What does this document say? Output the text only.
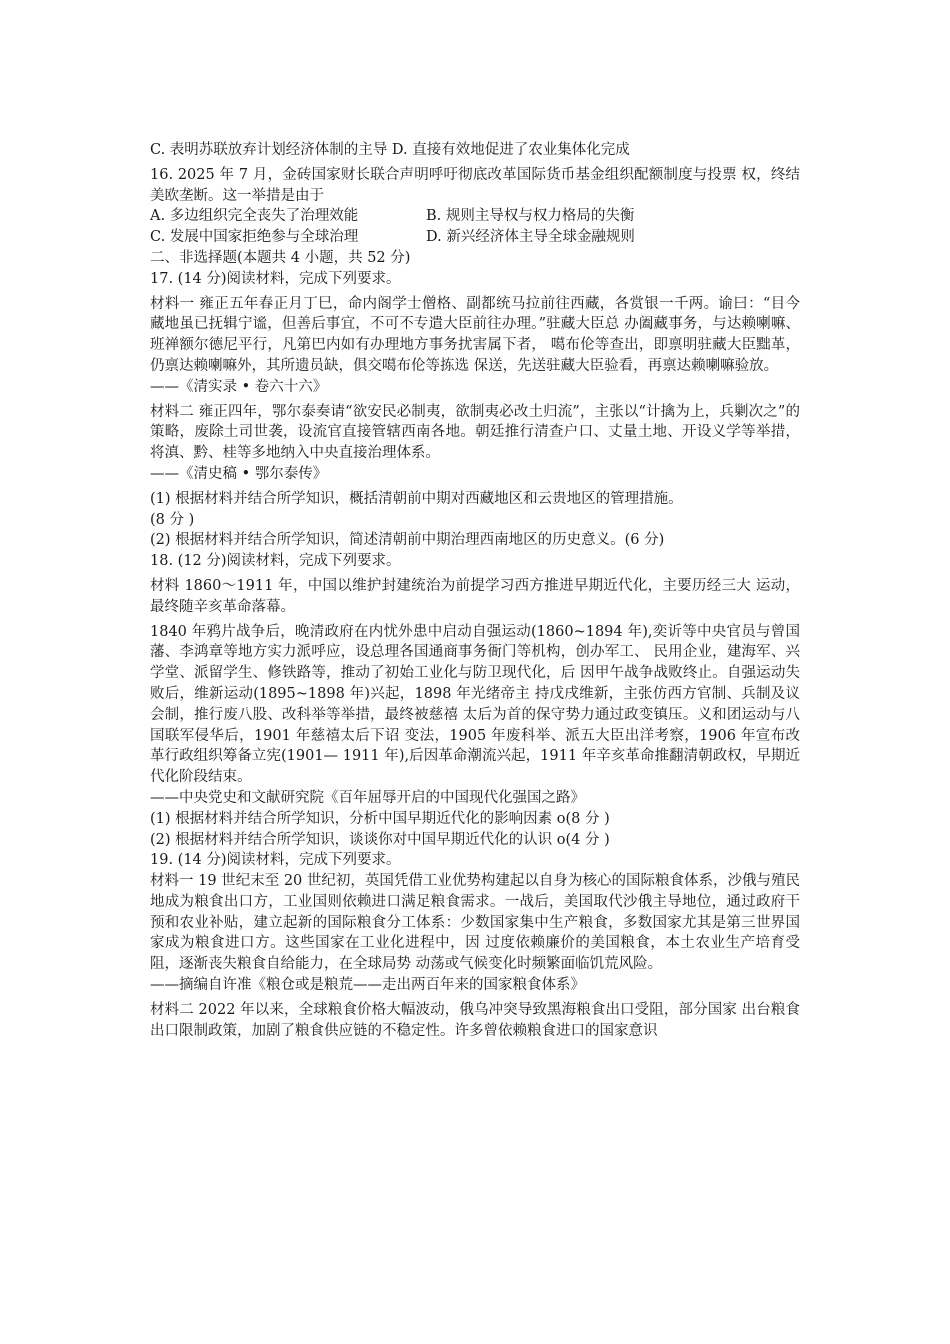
C. 表明苏联放弃计划经济体制的主导 D. 直接有效地促进了农业集体化完成

16. 2025 年 7 月，金砖国家财长联合声明呼吁彻底改革国际货币基金组织配额制度与投票 权，终结美欧垄断。这一举措是由于

A. 多边组织完全丧失了治理效能	B. 规则主导权与权力格局的失衡
C. 发展中国家拒绝参与全球治理	D. 新兴经济体主导全球金融规则

二、非选择题(本题共 4 小题，共 52 分)

17. (14 分)阅读材料，完成下列要求。

材料一 雍正五年春正月丁巳，命内阁学士僧格、副都统马拉前往西藏，各赏银一千两。谕曰：“目今藏地虽已抚辑宁谧，但善后事宜，不可不专遣大臣前往办理。”驻藏大臣总 办阖藏事务，与达赖喇嘛、班禅额尔德尼平行，凡第巴内如有办理地方事务扰害属下者， 噶布伦等查出，即禀明驻藏大臣黜革，仍禀达赖喇嘛外，其所遗员缺，俱交噶布伦等拣选 保送，先送驻藏大臣验看，再禀达赖喇嘛验放。

——《清实录 • 卷六十六》

材料二 雍正四年，鄂尔泰奏请“欲安民必制夷，欲制夷必改土归流”，主张以“计擒为上，兵剿次之”的策略，废除土司世袭，设流官直接管辖西南各地。朝廷推行清查户口、丈量土地、开设义学等举措，将滇、黔、桂等多地纳入中央直接治理体系。

——《清史稿 • 鄂尔泰传》

(1) 根据材料并结合所学知识，概括清朝前中期对西藏地区和云贵地区的管理措施。

(8 分 )

(2) 根据材料并结合所学知识，简述清朝前中期治理西南地区的历史意义。(6 分)

18. (12 分)阅读材料，完成下列要求。

材料 1860～1911 年，中国以维护封建统治为前提学习西方推进早期近代化，主要历经三大 运动，最终随辛亥革命落幕。

1840 年鸦片战争后，晚清政府在内忧外患中启动自强运动(1860~1894 年),奕䜣等中央官员与曾国藩、李鸿章等地方实力派呼应，设总理各国通商事务衙门等机构，创办军工、 民用企业，建海军、兴学堂、派留学生、修铁路等，推动了初始工业化与防卫现代化，后 因甲午战争战败终止。自强运动失败后，维新运动(1895~1898 年)兴起，1898 年光绪帝主 持戊戌维新，主张仿西方官制、兵制及议会制，推行废八股、改科举等举措，最终被慈禧 太后为首的保守势力通过政变镇压。义和团运动与八国联军侵华后，1901 年慈禧太后下诏 变法，1905 年废科举、派五大臣出洋考察，1906 年宣布改革行政组织筹备立宪(1901— 1911 年),后因革命潮流兴起，1911 年辛亥革命推翻清朝政权，早期近代化阶段结束。

——中央党史和文献研究院《百年屈辱开启的中国现代化强国之路》

(1) 根据材料并结合所学知识，分析中国早期近代化的影响因素 o(8 分 )

(2) 根据材料并结合所学知识，谈谈你对中国早期近代化的认识 o(4 分 )

19. (14 分)阅读材料，完成下列要求。

材料一 19 世纪末至 20 世纪初，英国凭借工业优势构建起以自身为核心的国际粮食体系，沙俄与殖民地成为粮食出口方，工业国则依赖进口满足粮食需求。一战后，美国取代沙俄主导地位，通过政府干预和农业补贴，建立起新的国际粮食分工体系：少数国家集中生产粮食，多数国家尤其是第三世界国家成为粮食进口方。这些国家在工业化进程中，因 过度依赖廉价的美国粮食，本土农业生产培育受阻，逐渐丧失粮食自给能力，在全球局势 动荡或气候变化时频繁面临饥荒风险。

——摘编自许准《粮仓或是粮荒——走出两百年来的国家粮食体系》

材料二 2022 年以来，全球粮食价格大幅波动，俄乌冲突导致黑海粮食出口受阻，部分国家 出台粮食出口限制政策，加剧了粮食供应链的不稳定性。许多曾依赖粮食进口的国家意识
